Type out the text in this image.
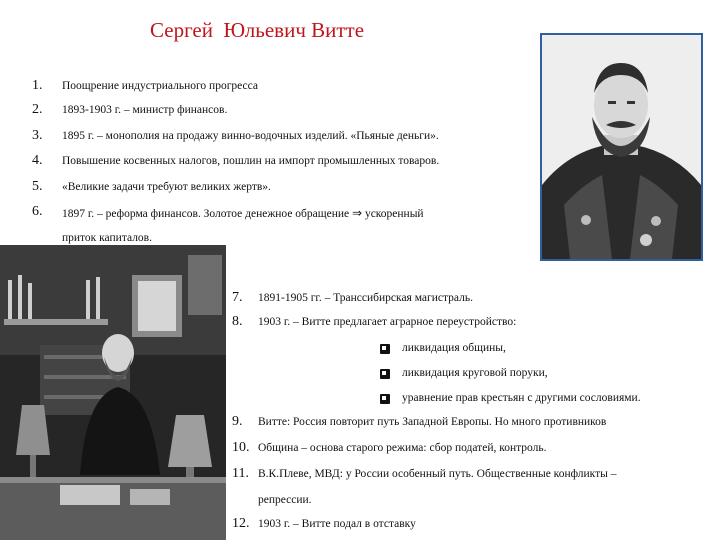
Сергей  Юльевич Витте
1. Поощрение индустриального прогресса
2. 1893-1903 г. – министр финансов.
3. 1895 г. – монополия на продажу винно-водочных изделий. «Пьяные деньги».
4. Повышение косвенных налогов, пошлин на импорт промышленных товаров.
5. «Великие задачи требуют великих жертв».
6. 1897 г. – реформа финансов. Золотое денежное обращение ⇒ ускоренный
приток капиталов.
7. 1891-1905 гг. – Транссибирская магистраль.
8. 1903 г. – Витте предлагает аграрное переустройство:
ликвидация общины,
ликвидация круговой поруки,
уравнение прав крестьян с другими сословиями.
9. Витте: Россия повторит путь Западной Европы. Но много противников
10. Община – основа старого режима: сбор податей, контроль.
11. В.К.Плеве, МВД: у России особенный путь. Общественные конфликты –
репрессии.
12. 1903 г. – Витте подал в отставку
